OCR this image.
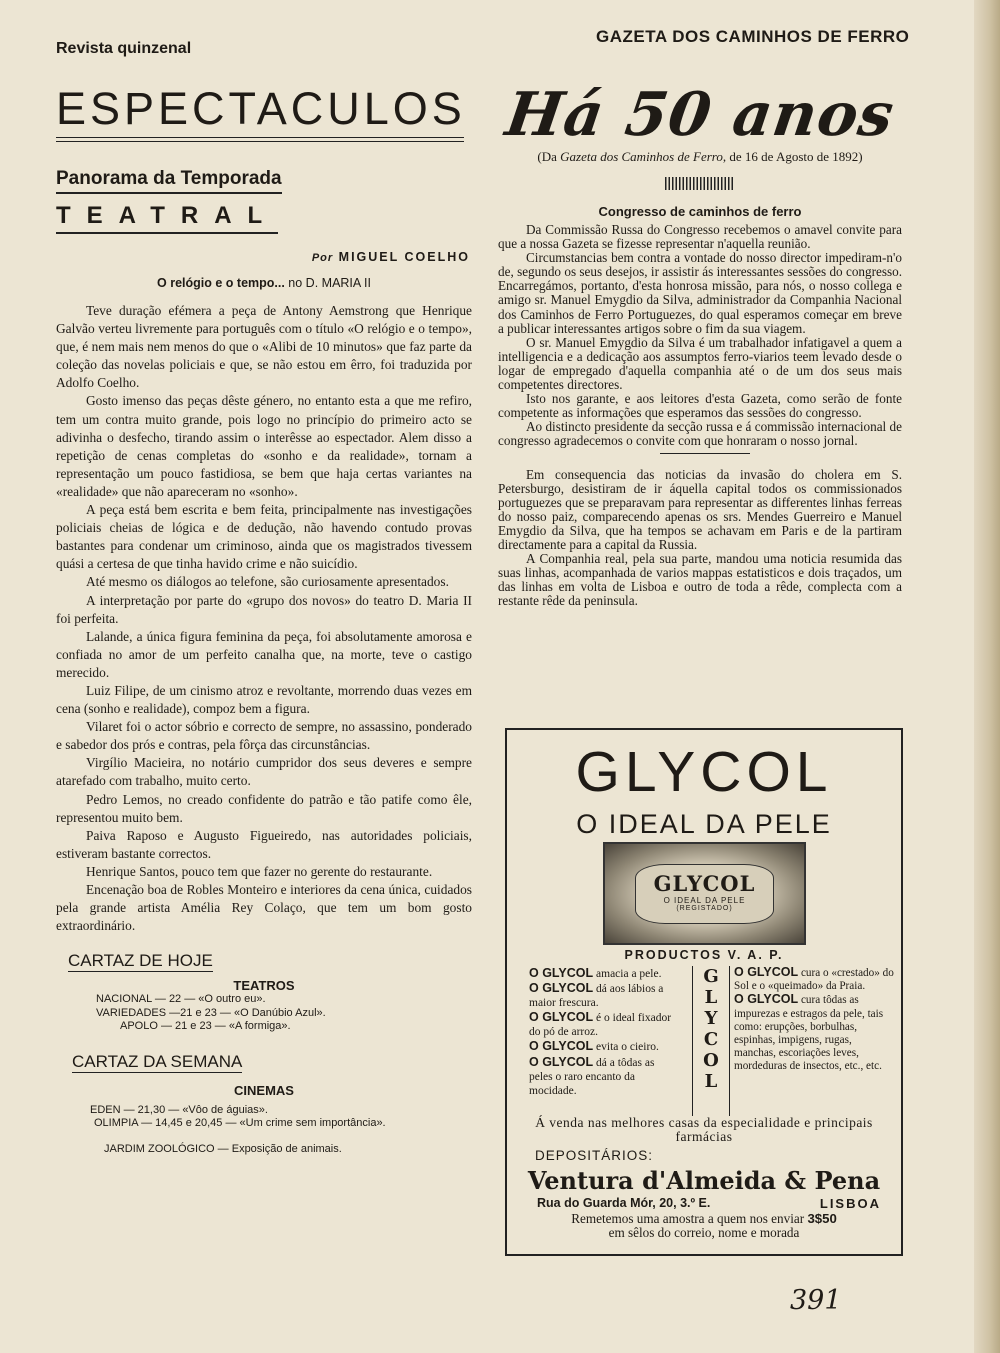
Revista quinzenal
GAZETA DOS CAMINHOS DE FERRO
ESPECTACULOS
Panorama da Temporada
TEATRAL
Por MIGUEL COELHO
O relógio e o tempo... no D. MARIA II

Teve duração efémera a peça de Antony Aemstrong que Henrique Galvão verteu livremente para português com o título «O relógio e o tempo», que, é nem mais nem menos do que o «Alibi de 10 minutos» que faz parte da coleção das novelas policiais e que, se não estou em êrro, foi traduzida por Adolfo Coelho.

Gosto imenso das peças dêste género, no entanto esta a que me refiro, tem um contra muito grande, pois logo no princípio do primeiro acto se adivinha o desfecho, tirando assim o interêsse ao espectador. Alem disso a repetição de cenas completas do «sonho e da realidade», tornam a representação um pouco fastidiosa, se bem que haja certas variantes na «realidade» que não apareceram no «sonho».

A peça está bem escrita e bem feita, principalmente nas investigações policiais cheias de lógica e de dedução, não havendo contudo provas bastantes para condenar um criminoso, ainda que os magistrados tivessem quási a certesa de que tinha havido crime e não suicídio.

Até mesmo os diálogos ao telefone, são curiosamente apresentados.

A interpretação por parte do «grupo dos novos» do teatro D. Maria II foi perfeita.

Lalande, a única figura feminina da peça, foi absolutamente amorosa e confiada no amor de um perfeito canalha que, na morte, teve o castigo merecido.

Luiz Filipe, de um cinismo atroz e revoltante, morrendo duas vezes em cena (sonho e realidade), compoz bem a figura.

Vilaret foi o actor sóbrio e correcto de sempre, no assassino, ponderado e sabedor dos prós e contras, pela fôrça das circunstâncias.

Virgílio Macieira, no notário cumpridor dos seus deveres e sempre atarefado com trabalho, muito certo.

Pedro Lemos, no creado confidente do patrão e tão patife como êle, representou muito bem.

Paiva Raposo e Augusto Figueiredo, nas autoridades policiais, estiveram bastante correctos.

Henrique Santos, pouco tem que fazer no gerente do restaurante.

Encenação boa de Robles Monteiro e interiores da cena única, cuidados pela grande artista Amélia Rey Colaço, que tem um bom gosto extraordinário.

CARTAZ DE HOJE
TEATROS
NACIONAL — 22 — «O outro eu».
VARIEDADES —21 e 23 — «O Danúbio Azul».
APOLO — 21 e 23 — «A formiga».
CARTAZ DA SEMANA
CINEMAS
EDEN — 21,30 — «Vôo de águias».
OLIMPIA — 14,45 e 20,45 — «Um crime sem importância».
JARDIM ZOOLÓGICO — Exposição de animais.
Há 50 anos
(Da Gazeta dos Caminhos de Ferro, de 16 de Agosto de 1892)
Congresso de caminhos de ferro

Da Commissão Russa do Congresso recebemos o amavel convite para que a nossa Gazeta se fizesse representar n'aquella reunião.

Circumstancias bem contra a vontade do nosso director impediram-n'o de, segundo os seus desejos, ir assistir ás interessantes sessões do congresso. Encarregámos, portanto, d'esta honrosa missão, para nós, o nosso collega e amigo sr. Manuel Emygdio da Silva, administrador da Companhia Nacional dos Caminhos de Ferro Portuguezes, do qual esperamos começar em breve a publicar interessantes artigos sobre o fim da sua viagem.

O sr. Manuel Emygdio da Silva é um trabalhador infatigavel a quem a intelligencia e a dedicação aos assumptos ferro-viarios teem levado desde o logar de empregado d'aquella companhia até o de um dos seus mais competentes directores.

Isto nos garante, e aos leitores d'esta Gazeta, como serão de fonte competente as informações que esperamos das sessões do congresso.

Ao distincto presidente da secção russa e á commissão internacional de congresso agradecemos o convite com que honraram o nosso jornal.

Em consequencia das noticias da invasão do cholera em S. Petersburgo, desistiram de ir áquella capital todos os commissionados portuguezes que se preparavam para representar as differentes linhas ferreas do nosso paiz, comparecendo apenas os srs. Mendes Guerreiro e Manuel Emygdio da Silva, que ha tempos se achavam em Paris e de la partiram directamente para a capital da Russia.

A Companhia real, pela sua parte, mandou uma noticia resumida das suas linhas, acompanhada de varios mappas estatisticos e dois traçados, um das linhas em volta de Lisboa e outro de toda a rêde, complecta com a restante rêde da peninsula.

GLYCOL
O IDEAL DA PELE
GLYCOL
O IDEAL DA PELE
(REGISTADO)
PRODUCTOS V. A. P.
O GLYCOL amacia a pele.
O GLYCOL dá aos lábios a maior frescura.
O GLYCOL é o ideal fixador do pó de arroz.
O GLYCOL evita o cieiro.
O GLYCOL dá a tôdas as peles o raro encanto da mocidade.
G
L
Y
C
O
L
O GLYCOL cura o «crestado» do Sol e o «queimado» da Praia.
O GLYCOL cura tôdas as impurezas e estragos da pele, tais como: erupções, borbulhas, espinhas, impigens, rugas, manchas, escoriações leves, mordeduras de insectos, etc., etc.
Á venda nas melhores casas da especialidade e principais farmácias
DEPOSITÁRIOS:
Ventura d'Almeida & Pena
Rua do Guarda Mór, 20, 3.º E.	LISBOA
Remetemos uma amostra a quem nos enviar 3$50
em sêlos do correio, nome e morada
391
